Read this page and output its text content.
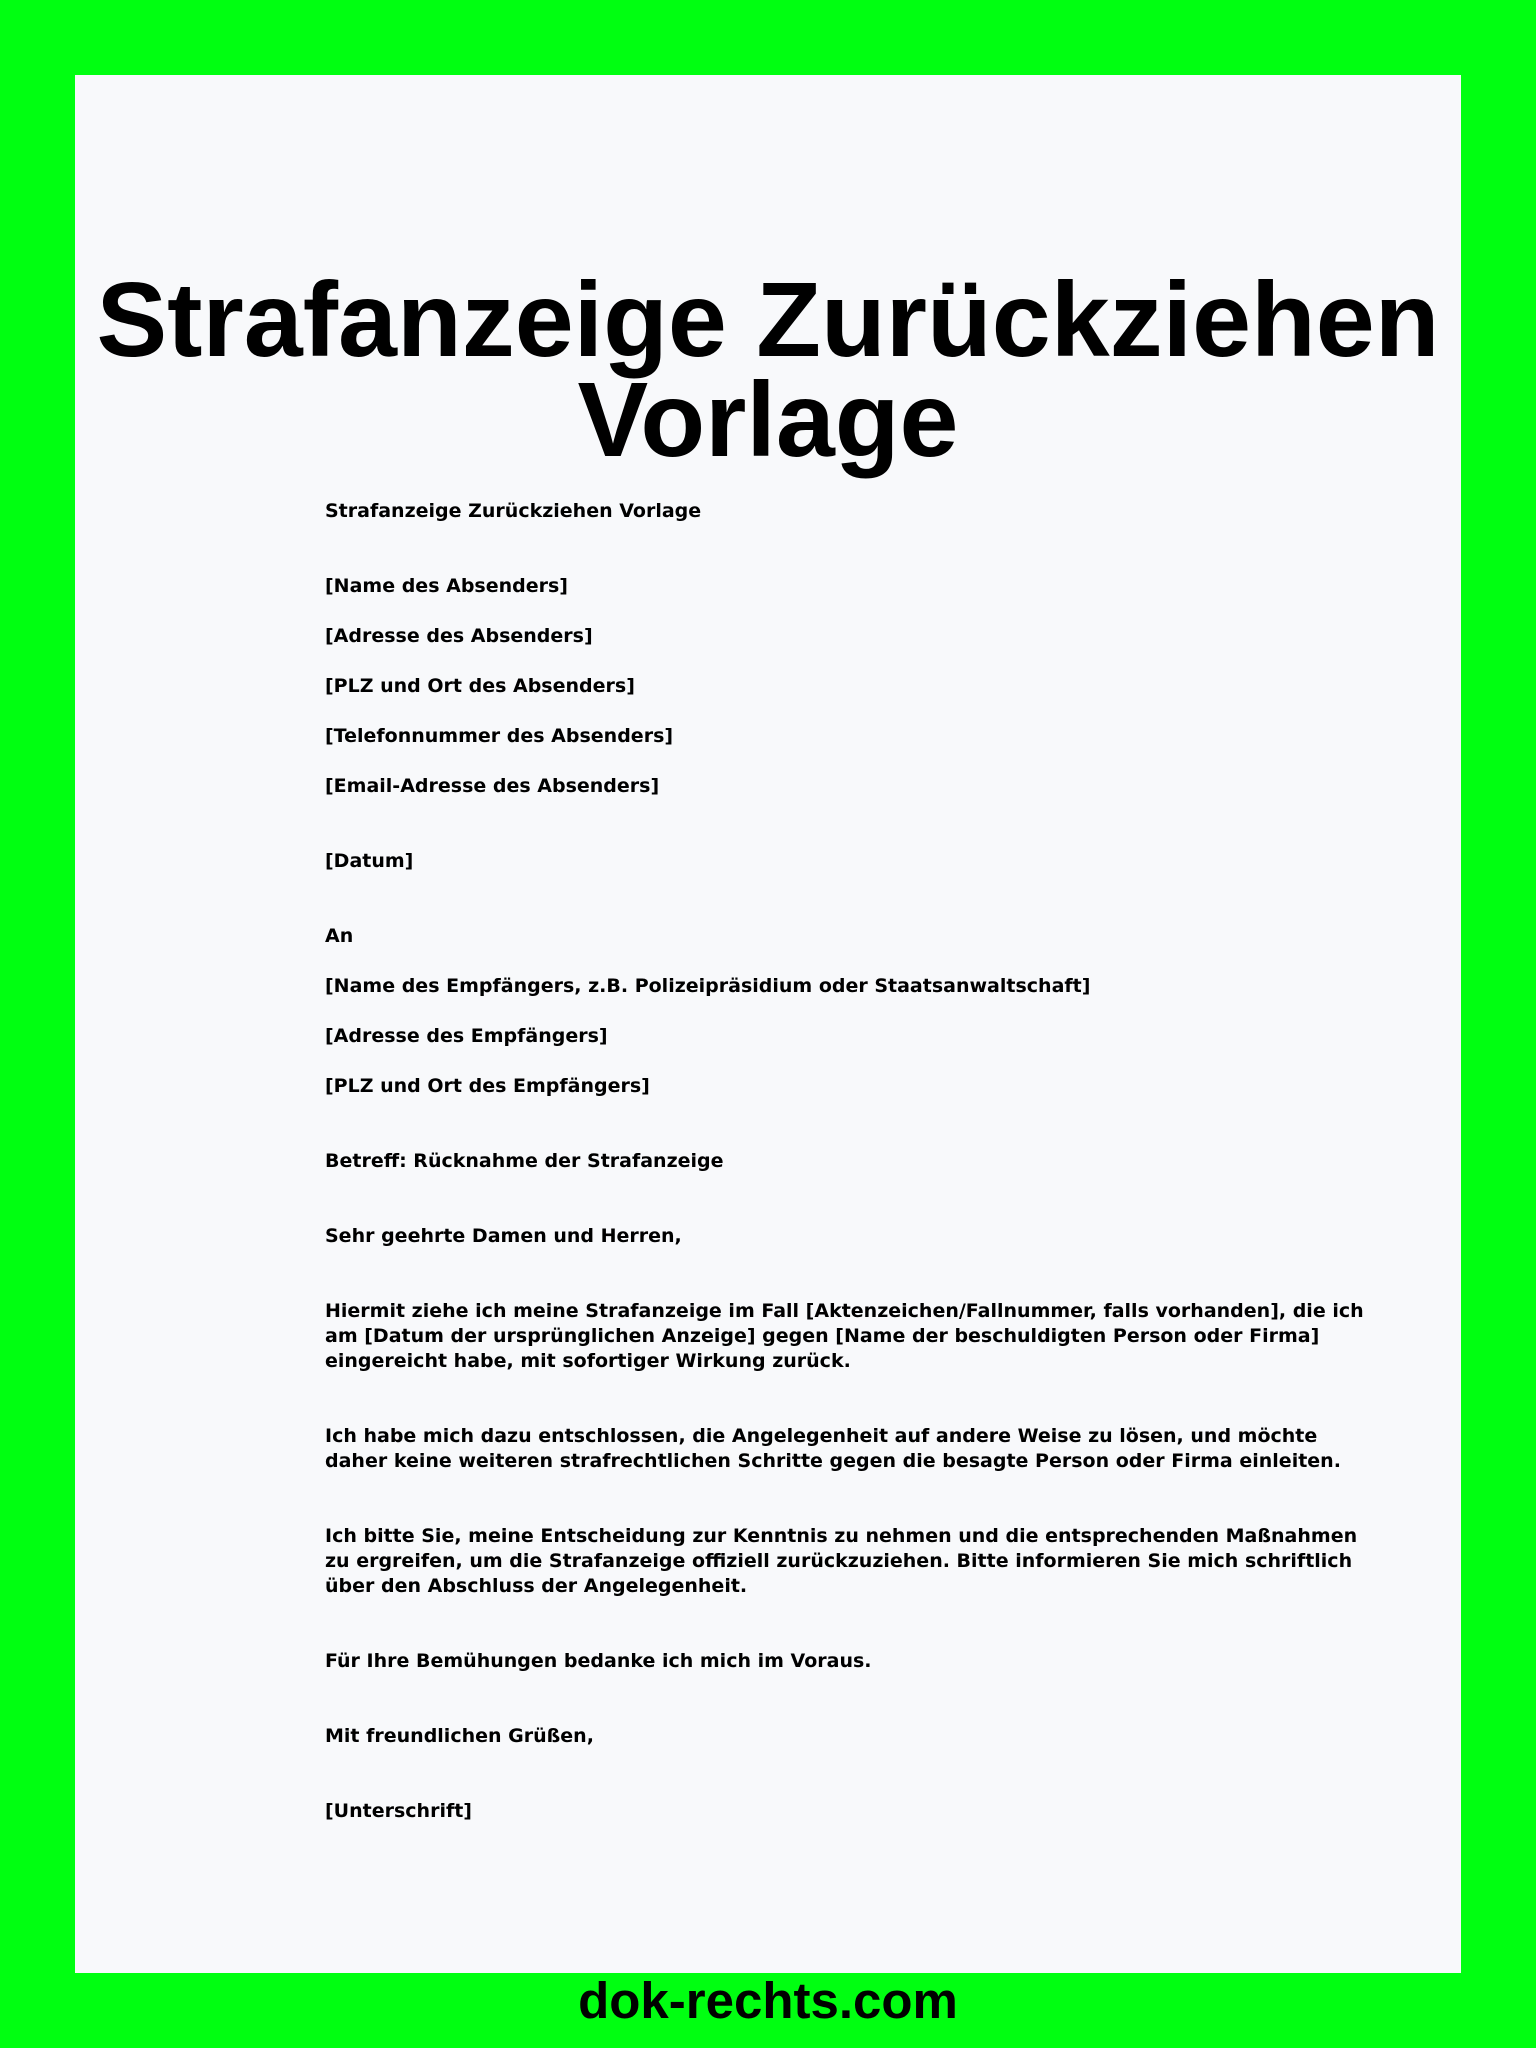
Strafanzeige Zurückziehen
Vorlage

Strafanzeige Zurückziehen Vorlage

[Name des Absenders]

[Adresse des Absenders]

[PLZ und Ort des Absenders]

[Telefonnummer des Absenders]

[Email-Adresse des Absenders]

[Datum]

An

[Name des Empfängers, z.B. Polizeipräsidium oder Staatsanwaltschaft]

[Adresse des Empfängers]

[PLZ und Ort des Empfängers]

Betreff: Rücknahme der Strafanzeige

Sehr geehrte Damen und Herren,

Hiermit ziehe ich meine Strafanzeige im Fall [Aktenzeichen/Fallnummer, falls vorhanden], die ich am [Datum der ursprünglichen Anzeige] gegen [Name der beschuldigten Person oder Firma] eingereicht habe, mit sofortiger Wirkung zurück.

Ich habe mich dazu entschlossen, die Angelegenheit auf andere Weise zu lösen, und möchte daher keine weiteren strafrechtlichen Schritte gegen die besagte Person oder Firma einleiten.

Ich bitte Sie, meine Entscheidung zur Kenntnis zu nehmen und die entsprechenden Maßnahmen zu ergreifen, um die Strafanzeige offiziell zurückzuziehen. Bitte informieren Sie mich schriftlich über den Abschluss der Angelegenheit.

Für Ihre Bemühungen bedanke ich mich im Voraus.

Mit freundlichen Grüßen,

[Unterschrift]

dok-rechts.com
